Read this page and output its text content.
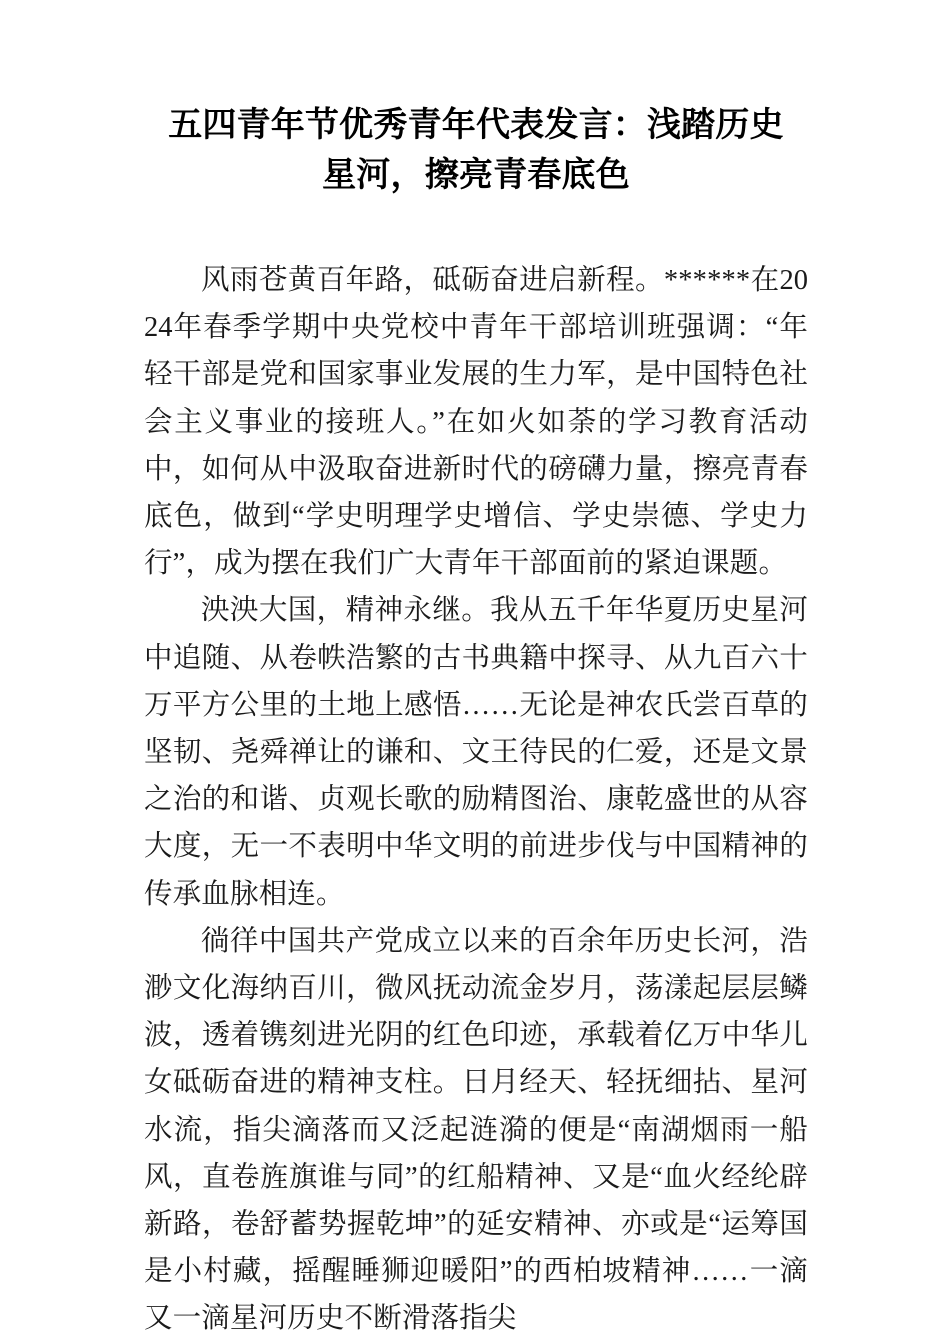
五四青年节优秀青年代表发言：浅踏历史
星河，擦亮青春底色

风雨苍黄百年路，砥砺奋进启新程。******在2024年春季学期中央党校中青年干部培训班强调：“年轻干部是党和国家事业发展的生力军，是中国特色社会主义事业的接班人。”在如火如荼的学习教育活动中，如何从中汲取奋进新时代的磅礴力量，擦亮青春底色，做到“学史明理学史增信、学史崇德、学史力行”，成为摆在我们广大青年干部面前的紧迫课题。

泱泱大国，精神永继。我从五千年华夏历史星河中追随、从卷帙浩繁的古书典籍中探寻、从九百六十万平方公里的土地上感悟……无论是神农氏尝百草的坚韧、尧舜禅让的谦和、文王待民的仁爱，还是文景之治的和谐、贞观长歌的励精图治、康乾盛世的从容大度，无一不表明中华文明的前进步伐与中国精神的传承血脉相连。

徜徉中国共产党成立以来的百余年历史长河，浩渺文化海纳百川，微风抚动流金岁月，荡漾起层层鳞波，透着镌刻进光阴的红色印迹，承载着亿万中华儿女砥砺奋进的精神支柱。日月经天、轻抚细拈、星河水流，指尖滴落而又泛起涟漪的便是“南湖烟雨一船风，直卷旌旗谁与同”的红船精神、又是“血火经纶辟新路，卷舒蓄势握乾坤”的延安精神、亦或是“运筹国是小村藏，摇醒睡狮迎暖阳”的西柏坡精神……一滴又一滴星河历史不断滑落指尖
